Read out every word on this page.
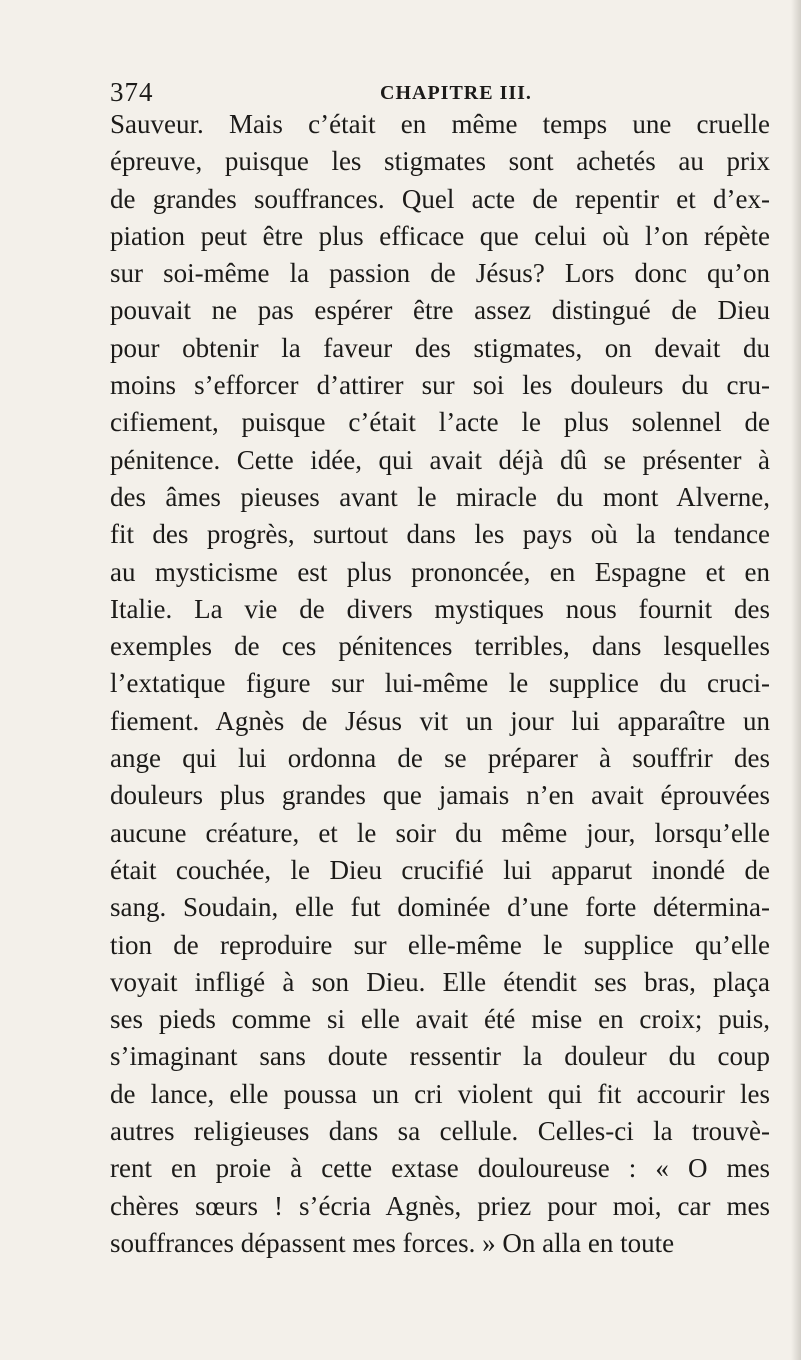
374	CHAPITRE III.
Sauveur. Mais c’était en même temps une cruelle
épreuve, puisque les stigmates sont achetés au prix
de grandes souffrances. Quel acte de repentir et d’ex-
piation peut être plus efficace que celui où l’on répète
sur soi-même la passion de Jésus? Lors donc qu’on
pouvait ne pas espérer être assez distingué de Dieu
pour obtenir la faveur des stigmates, on devait du
moins s’efforcer d’attirer sur soi les douleurs du cru-
cifiement, puisque c’était l’acte le plus solennel de
pénitence. Cette idée, qui avait déjà dû se présenter à
des âmes pieuses avant le miracle du mont Alverne,
fit des progrès, surtout dans les pays où la tendance
au mysticisme est plus prononcée, en Espagne et en
Italie. La vie de divers mystiques nous fournit des
exemples de ces pénitences terribles, dans lesquelles
l’extatique figure sur lui-même le supplice du cruci-
fiement. Agnès de Jésus vit un jour lui apparaître un
ange qui lui ordonna de se préparer à souffrir des
douleurs plus grandes que jamais n’en avait éprouvées
aucune créature, et le soir du même jour, lorsqu’elle
était couchée, le Dieu crucifié lui apparut inondé de
sang. Soudain, elle fut dominée d’une forte détermina-
tion de reproduire sur elle-même le supplice qu’elle
voyait infligé à son Dieu. Elle étendit ses bras, plaça
ses pieds comme si elle avait été mise en croix; puis,
s’imaginant sans doute ressentir la douleur du coup
de lance, elle poussa un cri violent qui fit accourir les
autres religieuses dans sa cellule. Celles-ci la trouvè-
rent en proie à cette extase douloureuse : « O mes
chères sœurs ! s’écria Agnès, priez pour moi, car mes
souffrances dépassent mes forces. » On alla en toute
